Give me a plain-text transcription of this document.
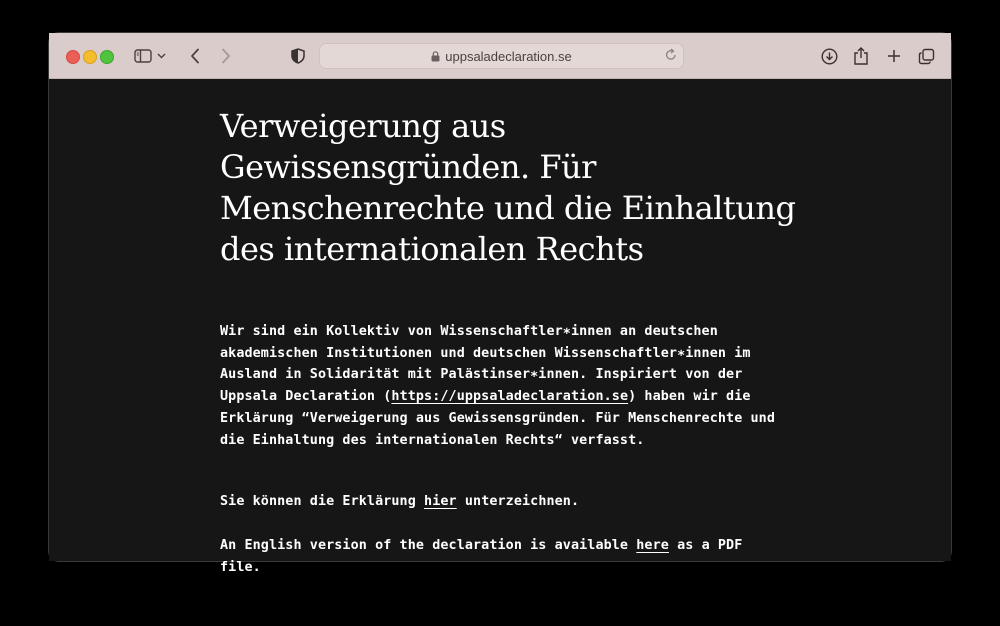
uppsaladeclaration.se
Verweigerung aus Gewissensgründen. Für Menschenrechte und die Einhaltung des internationalen Rechts

Wir sind ein Kollektiv von Wissenschaftler∗innen an deutschen akademischen Institutionen und deutschen Wissenschaftler∗innen im Ausland in Solidarität mit Palästinser∗innen. Inspiriert von der Uppsala Declaration (https://uppsaladeclaration.se) haben wir die Erklärung “Verweigerung aus Gewissensgründen. Für Menschenrechte und die Einhaltung des internationalen Rechts“ verfasst.

Sie können die Erklärung hier unterzeichnen.

An English version of the declaration is available here as a PDF file.
